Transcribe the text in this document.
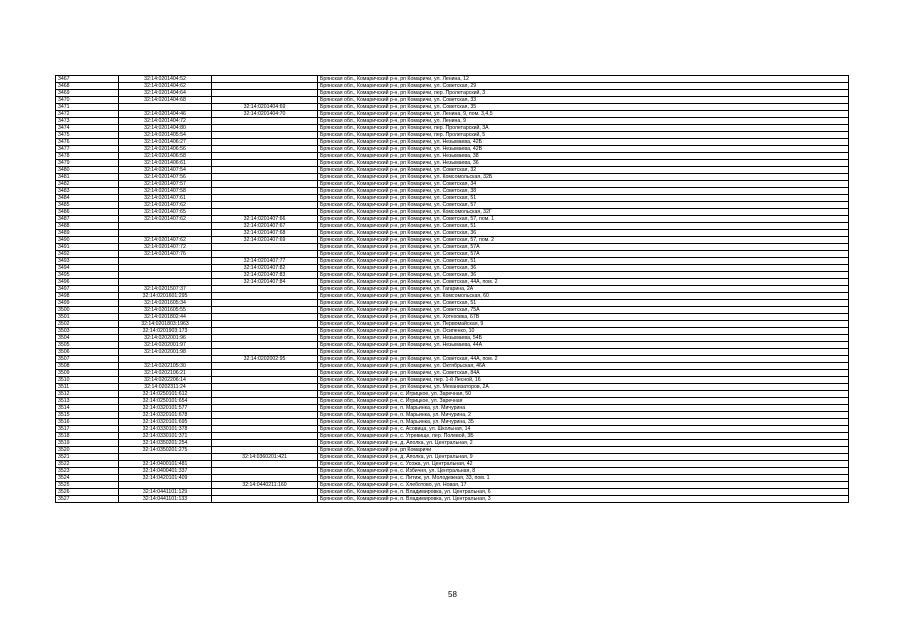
3467	32:14:0201404:52		Брянская обл., Комаричский р-н, рп Комаричи, ул. Ленина, 12
3468	32:14:0201404:62		Брянская обл., Комаричский р-н, рп Комаричи, ул. Советская, 29
3469	32:14:0201404:64		Брянская обл., Комаричский р-н, рп Комаричи, пер. Пролетарский, 3
3470	32:14:0201404:68		Брянская обл., Комаричский р-н, рп Комаричи, ул. Советская, 33
3471		32:14:0201404:69	Брянская обл., Комаричский р-н, рп Комаричи, ул. Советская, 35
3472	32:14:0201404:46	32:14:0201404:70	Брянская обл., Комаричский р-н, рп Комаричи, ул. Ленина, 9, пом. 3,4,5
3473	32:14:0201404:72		Брянская обл., Комаричский р-н, рп Комаричи, ул. Ленина, 9
3474	32:14:0201404:80		Брянская обл., Комаричский р-н, рп Комаричи, пер. Пролетарский, 3А
3475	32:14:0201405:54		Брянская обл., Комаричский р-н, рп Комаричи, пер. Пролетарский, 5
3476	32:14:0201406:27		Брянская обл., Комаричский р-н, рп Комаричи, ул. Незымаева, 42Б
3477	32:14:0201406:56		Брянская обл., Комаричский р-н, рп Комаричи, ул. Незымаева, 42В
3478	32:14:0201406:58		Брянская обл., Комаричский р-н, рп Комаричи, ул. Незымаева, 38
3479	32:14:0201406:61		Брянская обл., Комаричский р-н, рп Комаричи, ул. Незымаева, 36
3480	32:14:0201407:54		Брянская обл., Комаричский р-н, рп Комаричи, ул. Советская, 32
3481	32:14:0201407:56		Брянская обл., Комаричский р-н, рп Комаричи, ул. Комсомольская, 32Б
3482	32:14:0201407:57		Брянская обл., Комаричский р-н, рп Комаричи, ул. Советская, 34
3483	32:14:0201407:58		Брянская обл., Комаричский р-н, рп Комаричи, ул. Советская, 38
3484	32:14:0201407:61		Брянская обл., Комаричский р-н, рп Комаричи, ул. Советская, 51
3485	32:14:0201407:62		Брянская обл., Комаричский р-н, рп Комаричи, ул. Советская, 57
3486	32:14:0201407:65		Брянская обл., Комаричский р-н, рп Комаричи, ул. Комсомольская, 32Г
3487	32:14:0201407:62	32:14:0201407:66	Брянская обл., Комаричский р-н, рп Комаричи, ул. Советская, 57, пом. 1
3488		32:14:0201407:67	Брянская обл., Комаричский р-н, рп Комаричи, ул. Советская, 51
3489		32:14:0201407:68	Брянская обл., Комаричский р-н, рп Комаричи, ул. Советская, 36
3490	32:14:0201407:62	32:14:0201407:69	Брянская обл., Комаричский р-н, рп Комаричи, ул. Советская, 57, пом. 2
3491	32:14:0201407:72		Брянская обл., Комаричский р-н, рп Комаричи, ул. Советская, 57А
3492	32:14:0201407:76		Брянская обл., Комаричский р-н, рп Комаричи, ул. Советская, 57А
3493		32:14:0201407:77	Брянская обл., Комаричский р-н, рп Комаричи, ул. Советская, 51
3494		32:14:0201407:82	Брянская обл., Комаричский р-н, рп Комаричи, ул. Советская, 36
3495		32:14:0201407:83	Брянская обл., Комаричский р-н, рп Комаричи, ул. Советская, 36
3496		32:14:0201407:84	Брянская обл., Комаричский р-н, рп Комаричи, ул. Советская, 44А, пом. 2
3497	32:14:0201507:37		Брянская обл., Комаричский р-н, рп Комаричи, ул. Гагарина, 2А
3498	32:14:0201601:295		Брянская обл., Комаричский р-н, рп Комаричи, ул. Комсомольская, 60
3499	32:14:0201605:34		Брянская обл., Комаричский р-н, рп Комаричи, ул. Советская, 51
3500	32:14:0201605:55		Брянская обл., Комаричский р-н, рп Комаричи, ул. Советская, 75А
3501	32:14:0201802:44		Брянская обл., Комаричский р-н, рп Комаричи, ул. Хотеховка, 67В
3502	32:14:0201803:1963		Брянская обл., Комаричский р-н, рп Комаричи, ул. Первомайская, 9
3503	32:14:0201903:173		Брянская обл., Комаричский р-н, рп Комаричи, ул. Осипенко, 10
3504	32:14:0202001:96		Брянская обл., Комаричский р-н, рп Комаричи, ул. Незымаева, 54Б
3505	32:14:0202001:97		Брянская обл., Комаричский р-н, рп Комаричи, ул. Незымаева, 44А
3506	32:14:0202001:98		Брянская обл., Комаричский р-н
3507		32:14:0202002:95	Брянская обл., Комаричский р-н, рп Комаричи, ул. Советская, 44А, пом. 2
3508	32:14:0202105:30		Брянская обл., Комаричский р-н, рп Комаричи, ул. Октябрьская, 46А
3509	32:14:0202106:21		Брянская обл., Комаричский р-н, рп Комаричи, ул. Советская, 84А
3510	32:14:0202206:14		Брянская обл., Комаричский р-н, рп Комаричи, пер. 1-й Лесной, 16
3511	32:14:0202311:24		Брянская обл., Комаричский р-н, рп Комаричи, ул. Механизаторов, 2А
3512	32:14:0250101:612		Брянская обл., Комаричский р-н, с. Игрицкое, ул. Заречная, 50
3513	32:14:0250101:654		Брянская обл., Комаричский р-н, с. Игрицкое, ул. Заречная
3514	32:14:0320101:577		Брянская обл., Комаричский р-н, п. Марьинка, ул. Мичурина
3515	32:14:0320101:678		Брянская обл., Комаричский р-н, п. Марьинка, ул. Мичурина, 2
3516	32:14:0320101:695		Брянская обл., Комаричский р-н, п. Марьинка, ул. Мичурина, 35
3517	32:14:0330101:378		Брянская обл., Комаричский р-н, с. Асовица, ул. Школьная, 14
3518	32:14:0330101:371		Брянская обл., Комаричский р-н, с. Угревище, пер. Полевой, 3Б
3519	32:14:0350201:254		Брянская обл., Комаричский р-н, д. Аполка, ул. Центральная, 2
3520	32:14:0350201:275		Брянская обл., Комаричский р-н, рп Комаричи
3521		32:14:0360201:421	Брянская обл., Комаричский р-н, д. Аполка, ул. Центральная, 9
3522	32:14:0400101:481		Брянская обл., Комаричский р-н, с. Усожа, ул. Центральная, 42
3523	32:14:0400401:337		Брянская обл., Комаричский р-н, с. Избичня, ул. Центральная, 8
3524	32:14:0420101:409		Брянская обл., Комаричский р-н, с. Литиж, ул. Молодежная, 33, пом. 1
3525		32:14:0440211:160	Брянская обл., Комаричский р-н, с. Хлеботово, ул. Новая, 17
3526	32:14:0441101:129		Брянская обл., Комаричский р-н, п. Владимировка, ул. Центральная, 6
3527	32:14:0441101:133		Брянская обл., Комаричский р-н, п. Владимировка, ул. Центральная, 3
58
